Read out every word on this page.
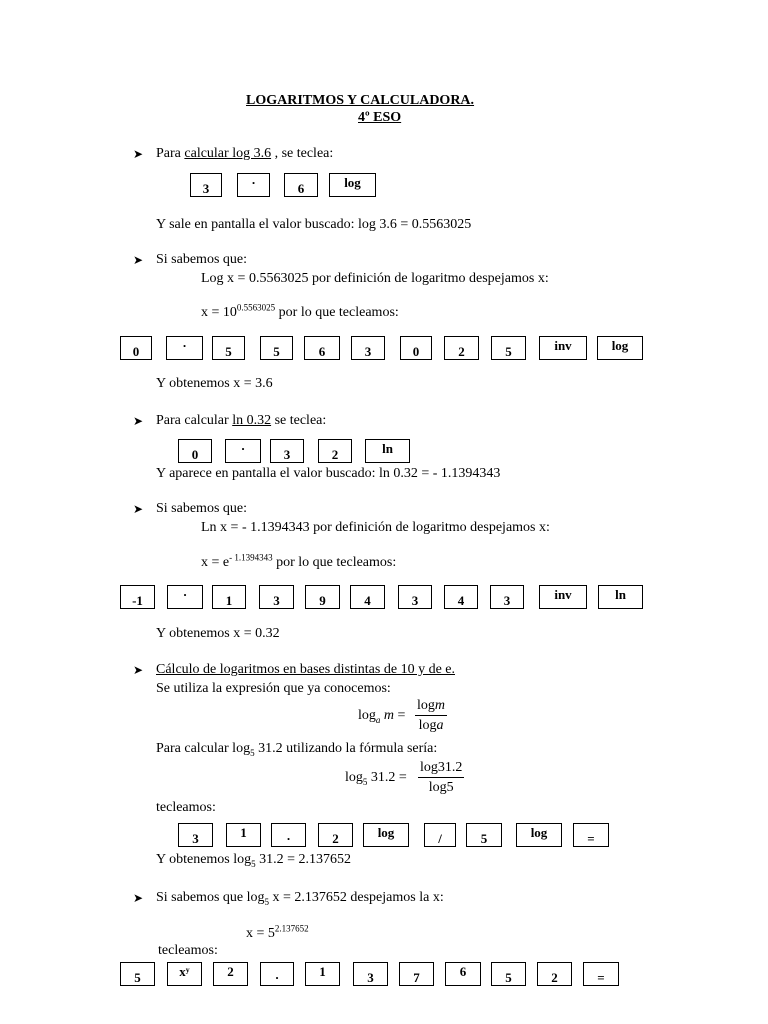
LOGARITMOS Y CALCULADORA.
4º ESO
➤ Para calcular log 3.6 , se teclea:
3	·	6	log
Y sale en pantalla el valor buscado: log 3.6 = 0.5563025
➤ Si sabemos que:
Log x = 0.5563025 por definición de logaritmo despejamos x:
$x = 10^{0.5563025}$ por lo que tecleamos:
0	·	5	5	6	3	0	2	5	inv	log
Y obtenemos x = 3.6
➤ Para calcular ln 0.32 se teclea:
0	·	3	2	ln
Y aparece en pantalla el valor buscado: ln 0.32 = - 1.1394343
➤ Si sabemos que:
Ln x = - 1.1394343 por definición de logaritmo despejamos x:
$x = e^{- 1.1394343}$ por lo que tecleamos:
-1	·	1	3	9	4	3	4	3	inv	ln
Y obtenemos x = 0.32
➤ Cálculo de logaritmos en bases distintas de 10 y de e.
Se utiliza la expresión que ya conocemos:
$\log_a m = \frac{\log m}{\log a}$
Para calcular $\log_5 31.2$ utilizando la fórmula sería:
$\log_5 31.2 = \frac{\log 31.2}{\log 5}$
tecleamos:
3	1	·	2	log	/	5	log	=
Y obtenemos $\log_5 31.2 = 2.137652$
➤ Si sabemos que $\log_5 x = 2.137652$ despejamos la x:
$x = 5^{2.137652}$
tecleamos:
5	xʸ	2	·	1	3	7	6	5	2	=
